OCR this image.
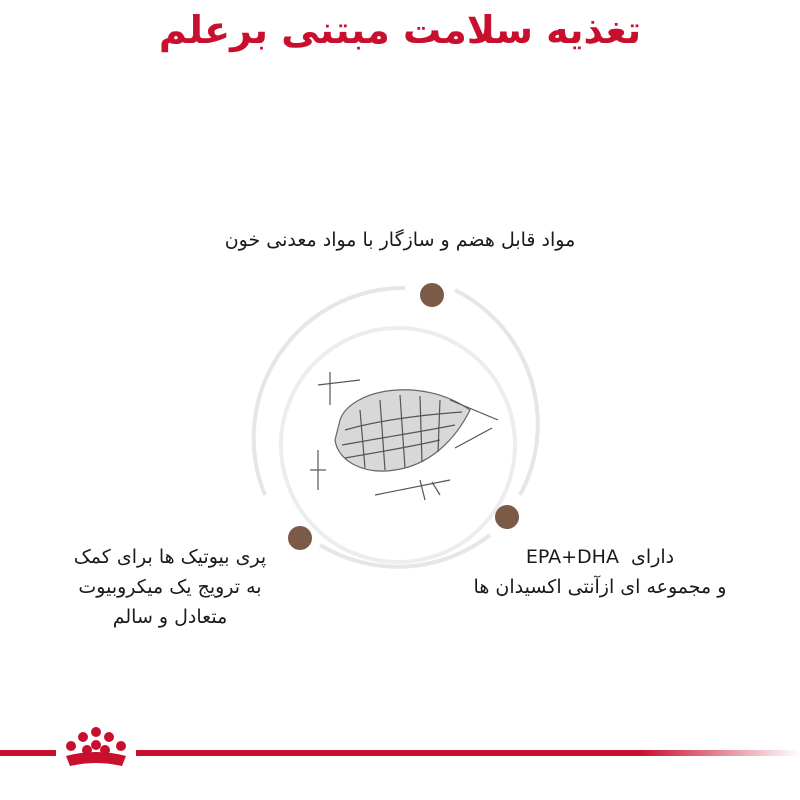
تغذیه سلامت مبتنی برعلم
مواد قابل هضم و سازگار با مواد معدنی خون
پری بیوتیک ها برای کمک
به ترویج یک میکروبیوت
متعادل و سالم
دارای  EPA+DHA
و مجموعه ای ازآنتی اکسیدان ها
